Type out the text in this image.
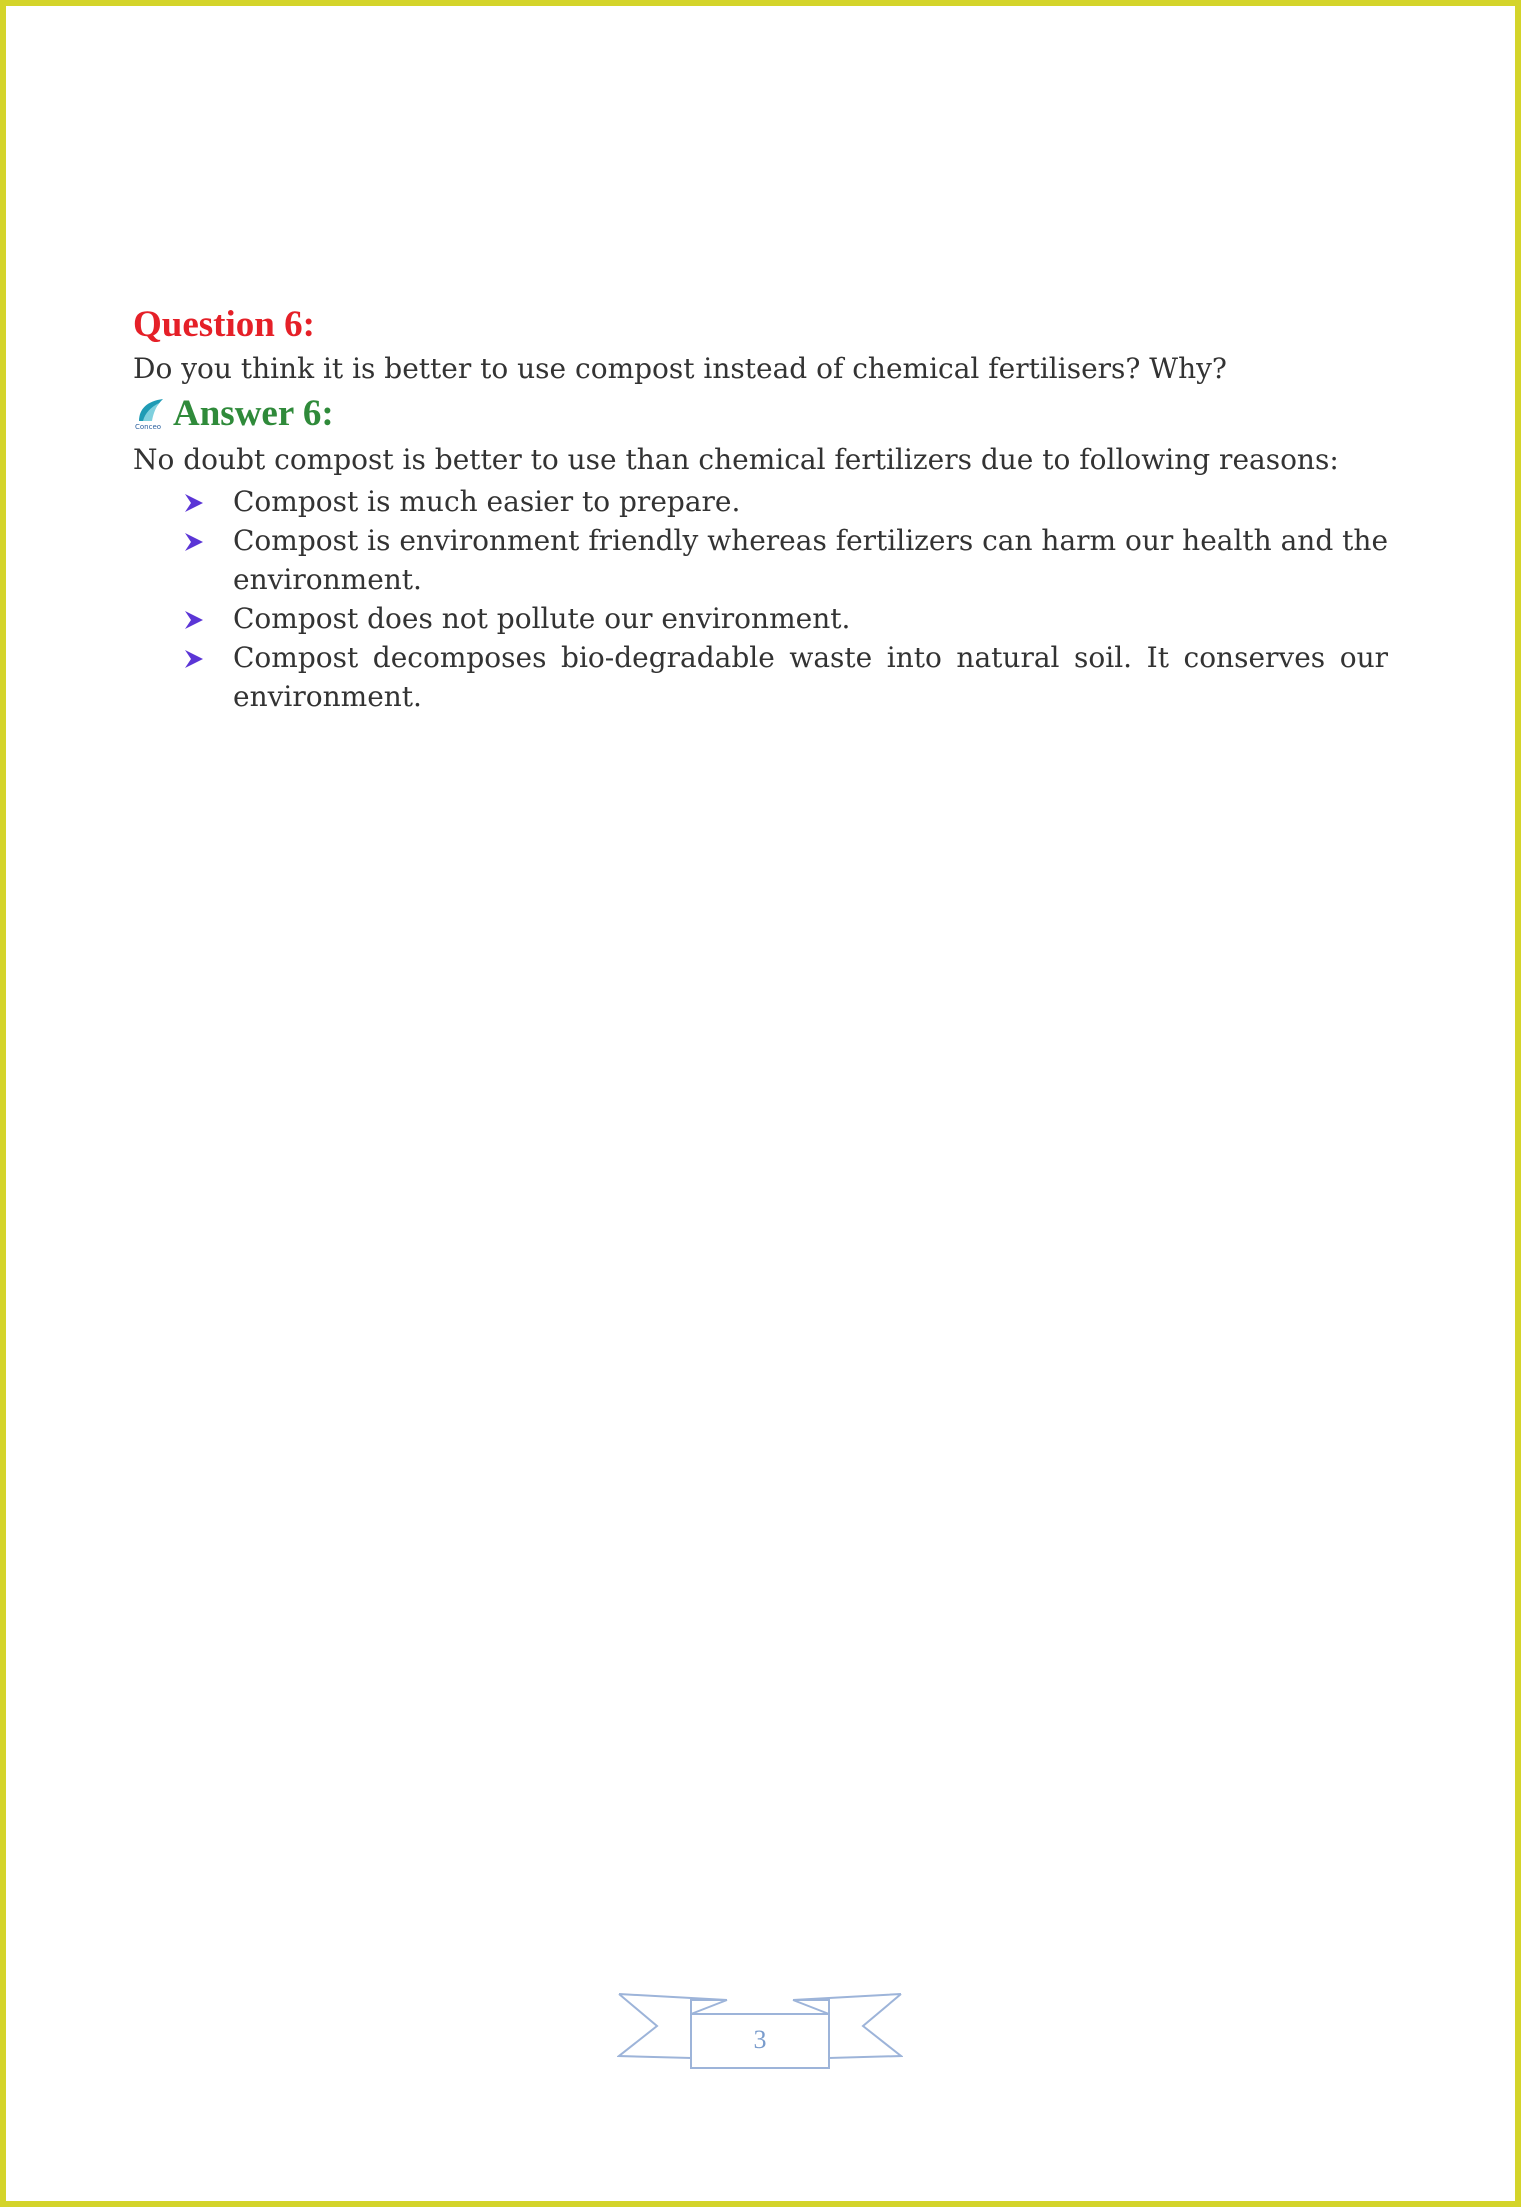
Question 6:

Do you think it is better to use compost instead of chemical fertilisers? Why?

Conceo Answer 6:

No doubt compost is better to use than chemical fertilizers due to following reasons:

Compost is much easier to prepare.
Compost is environment friendly whereas fertilizers can harm our health and the environment.
Compost does not pollute our environment.
Compost decomposes bio-degradable waste into natural soil. It conserves our environment.
3
